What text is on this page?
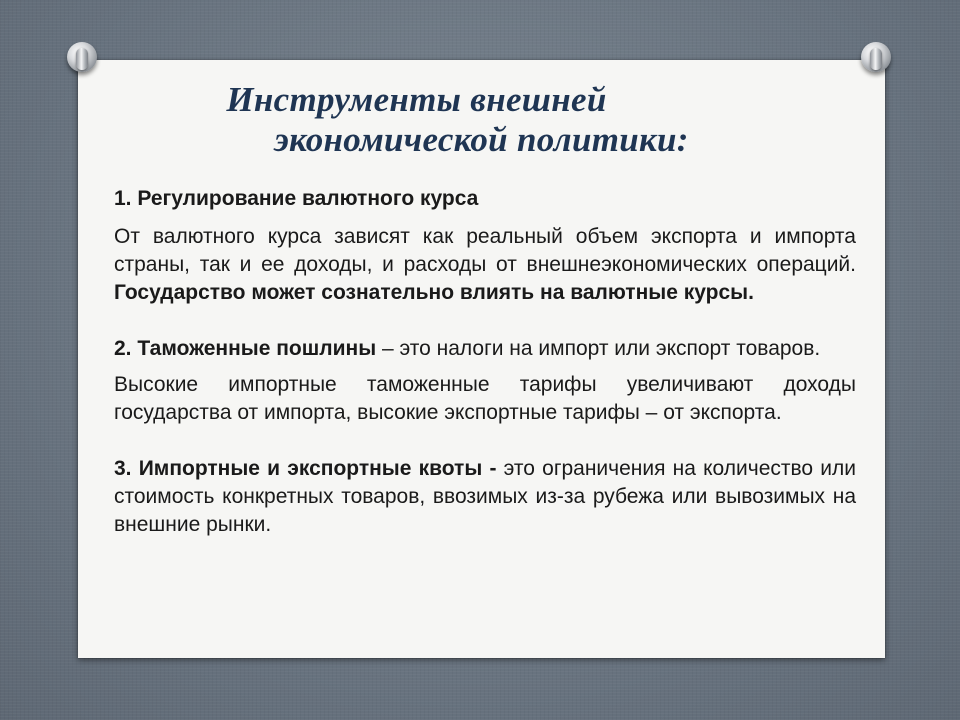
Инструменты внешней
экономической политики:

1. Регулирование валютного курса

От валютного курса зависят как реальный объем экспорта и импорта страны, так и ее доходы, и расходы от внешнеэкономических операций. Государство может сознательно влиять на валютные курсы.

2. Таможенные пошлины – это налоги на импорт или экспорт товаров.

Высокие импортные таможенные тарифы увеличивают доходы государства от импорта, высокие экспортные тарифы – от экспорта.

3. Импортные и экспортные квоты - это ограничения на количество или стоимость конкретных товаров, ввозимых из-за рубежа или вывозимых на внешние рынки.
